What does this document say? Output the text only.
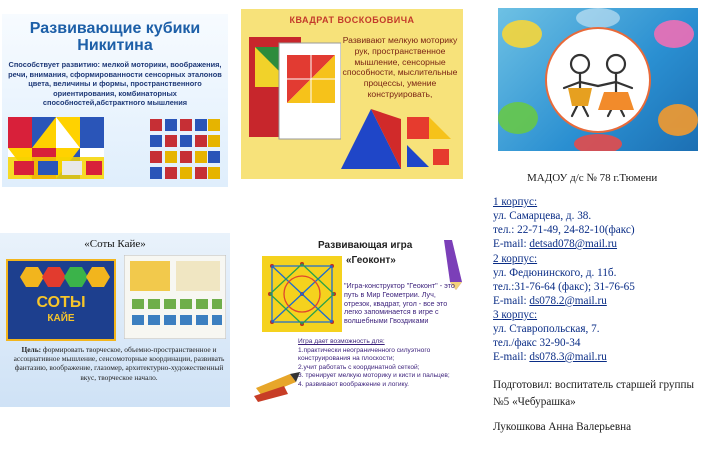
Развивающие кубики Никитина
Способствует развитию: мелкой моторики, воображения, речи, внимания, сформированности сенсорных эталонов цвета, величины и формы, пространственного ориентирования, комбинаторных способностей,абстрактного мышления
КВАДРАТ ВОСКОБОВИЧА
Развивают мелкую моторику рук, пространственное мышление, сенсорные способности, мыслительные процессы, умение конструировать,
МАДОУ д/с № 78 г.Тюмени
1 корпус:
ул. Самарцева, д. 38.
тел.: 22-71-49, 24-82-10(факс)
E-mail: detsad078@mail.ru
2 корпус:
ул. Федюнинского, д. 11б.
тел.:31-76-64 (факс); 31-76-65
E-mail: ds078.2@mail.ru
3 корпус:
ул. Ставропольская, 7.
тел./факс 32-90-34
E-mail: ds078.3@mail.ru
«Соты Кайе»
СОТЫ
КАЙЕ
Цель: формировать творческое, объемно-пространственное и ассоциативное мышление, сенсомоторные координации, развивать фантазию, воображение, глазомер, архитектурно-художественный вкус, творческое начало.
Развивающая игра
«Геоконт»
"Игра-конструктор "Геоконт" - это путь в Мир Геометрии. Луч, отрезок, квадрат, угол - все это легко запоминается в игре с волшебными Гвоздиками
Игра дает возможность для:
1.практически неограниченного силуэтного конструирования на плоскости;
2.учит работать с координатной сеткой;
3. тренирует мелкую моторику и кисти и пальцев;
4. развивают воображение и логику.	Подготовил: воспитатель старшей группы №5 «Чебурашка»
Лукошкова Анна Валерьевна
